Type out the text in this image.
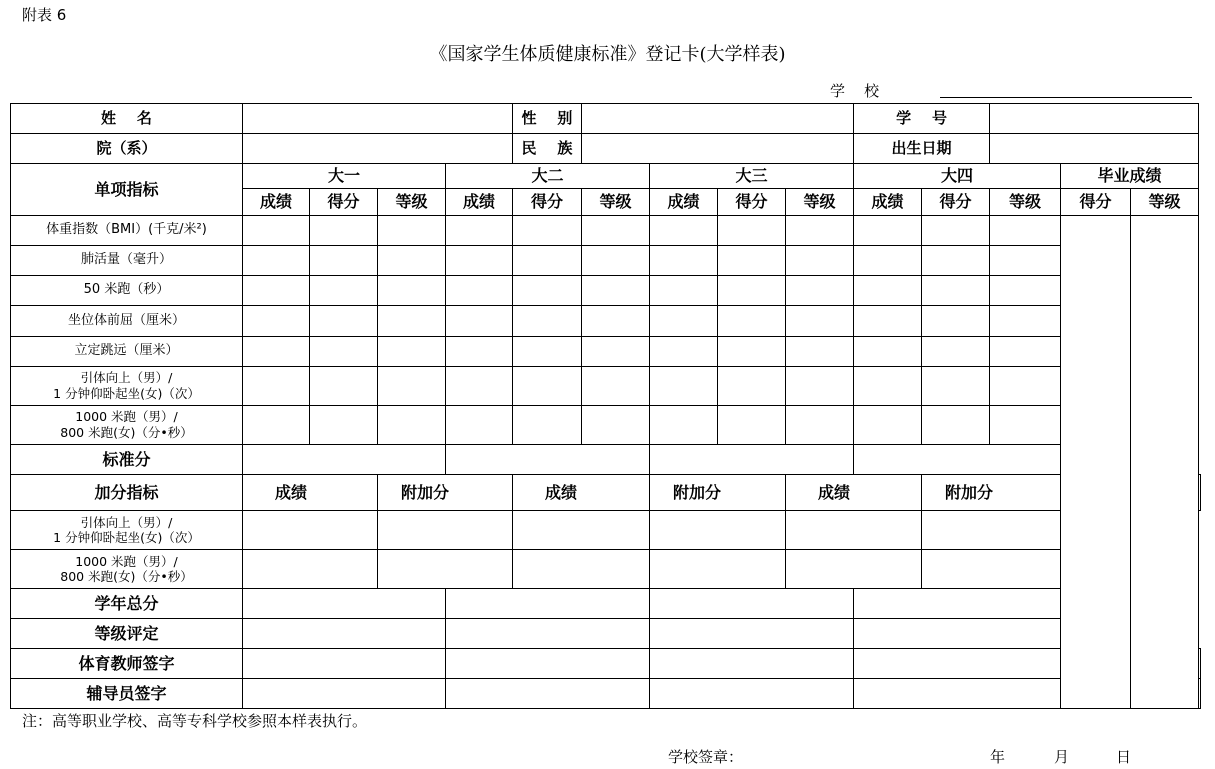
附表 6
《国家学生体质健康标准》登记卡(大学样表)
学    校
姓    名					性    别					学    号					
院（系）					民    族					出生日期					
单项指标	大一			大二			大三			大四			毕业成绩		
	成绩	得分	等级	成绩	得分	等级	成绩	得分	等级	成绩	得分	等级	得分	等级	
体重指数（BMI）(千克/米²)															
肺活量（毫升）															
50 米跑（秒）															
坐位体前屈（厘米）															
立定跳远（厘米）															

引体向上（男）/
1 分钟仰卧起坐(女)（次）															

1000 米跑（男）/
800 米跑(女)（分•秒）															

标准分															
加分指标	成绩		附加分		成绩		附加分		成绩		附加分	

引体向上（男）/
1 分钟仰卧起坐(女)（次）															

1000 米跑（男）/
800 米跑(女)（分•秒）															

学年总分															
等级评定															
体育教师签字															
辅导员签字															
注：高等职业学校、高等专科学校参照本样表执行。
学校签章：	年	月	日
